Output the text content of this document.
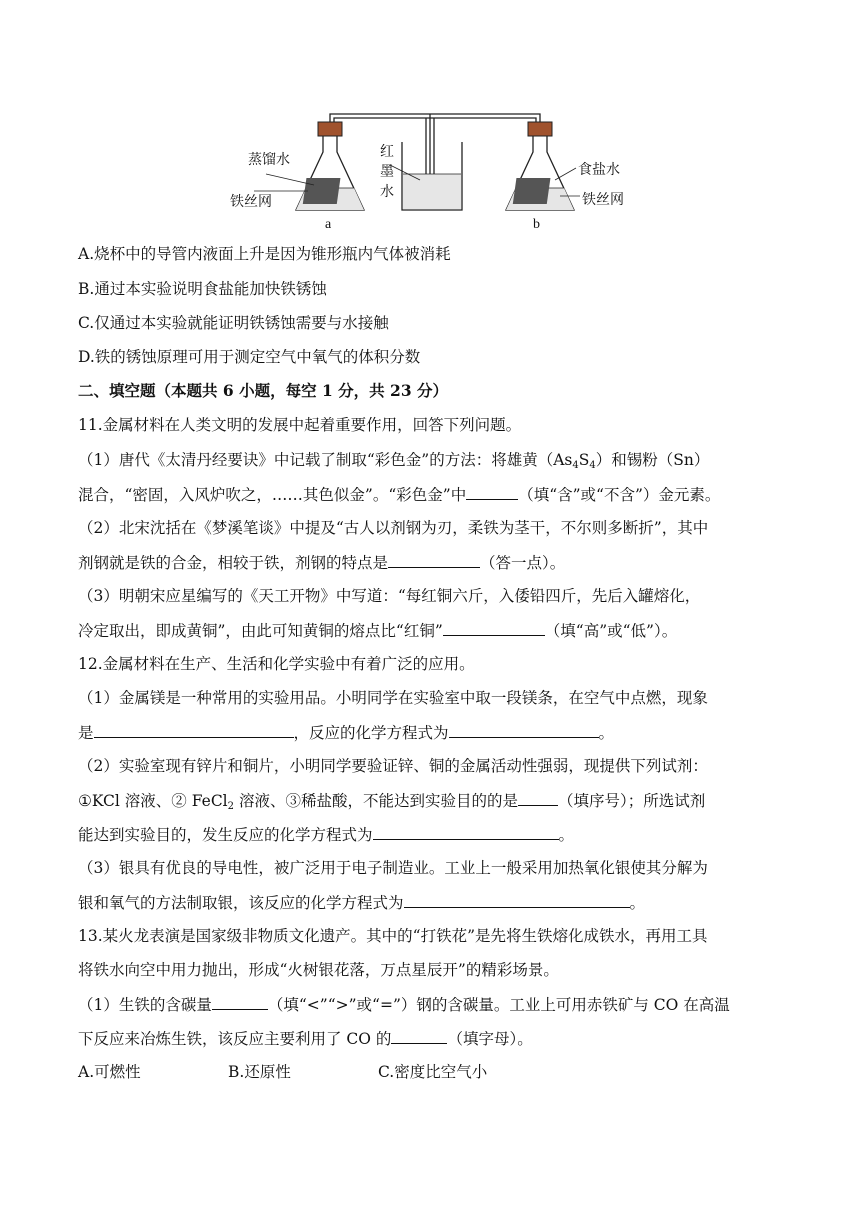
蒸馏水
铁丝网
a
红
墨
水
食盐水
铁丝网
b
A.烧杯中的导管内液面上升是因为锥形瓶内气体被消耗
B.通过本实验说明食盐能加快铁锈蚀
C.仅通过本实验就能证明铁锈蚀需要与水接触
D.铁的锈蚀原理可用于测定空气中氧气的体积分数
二、填空题（本题共 6 小题，每空 1 分，共 23 分）
11.金属材料在人类文明的发展中起着重要作用，回答下列问题。
（1）唐代《太清丹经要诀》中记载了制取“彩色金”的方法：将雄黄$(As_4S_4)$和锡粉（Sn）
混合，“密固，入风炉吹之，……其色似金”。“彩色金”中	（填“含”或“不含”）金元素。
（2）北宋沈括在《梦溪笔谈》中提及“古人以剂钢为刃，柔铁为茎干，不尔则多断折”，其中
剂钢就是铁的合金，相较于铁，剂钢的特点是	（答一点）。
（3）明朝宋应星编写的《天工开物》中写道：“每红铜六斤，入倭铅四斤，先后入罐熔化，
冷定取出，即成黄铜”，由此可知黄铜的熔点比“红铜”	（填“高”或“低”）。
12.金属材料在生产、生活和化学实验中有着广泛的应用。
（1）金属镁是一种常用的实验用品。小明同学在实验室中取一段镁条，在空气中点燃，现象
是	，反应的化学方程式为	。
（2）实验室现有锌片和铜片，小明同学要验证锌、铜的金属活动性强弱，现提供下列试剂：
①KCl 溶液、② FeCl$_2$ 溶液、③稀盐酸，不能达到实验目的的是	（填序号）；所选试剂
能达到实验目的，发生反应的化学方程式为	。
（3）银具有优良的导电性，被广泛用于电子制造业。工业上一般采用加热氧化银使其分解为
银和氧气的方法制取银，该反应的化学方程式为	。
13.某火龙表演是国家级非物质文化遗产。其中的“打铁花”是先将生铁熔化成铁水，再用工具
将铁水向空中用力抛出，形成“火树银花落，万点星辰开”的精彩场景。
（1）生铁的含碳量	（填“<”“>”或“=”）钢的含碳量。工业上可用赤铁矿与 CO 在高温
下反应来冶炼生铁，该反应主要利用了 CO 的	（填字母）。
A.可燃性	B.还原性	C.密度比空气小
